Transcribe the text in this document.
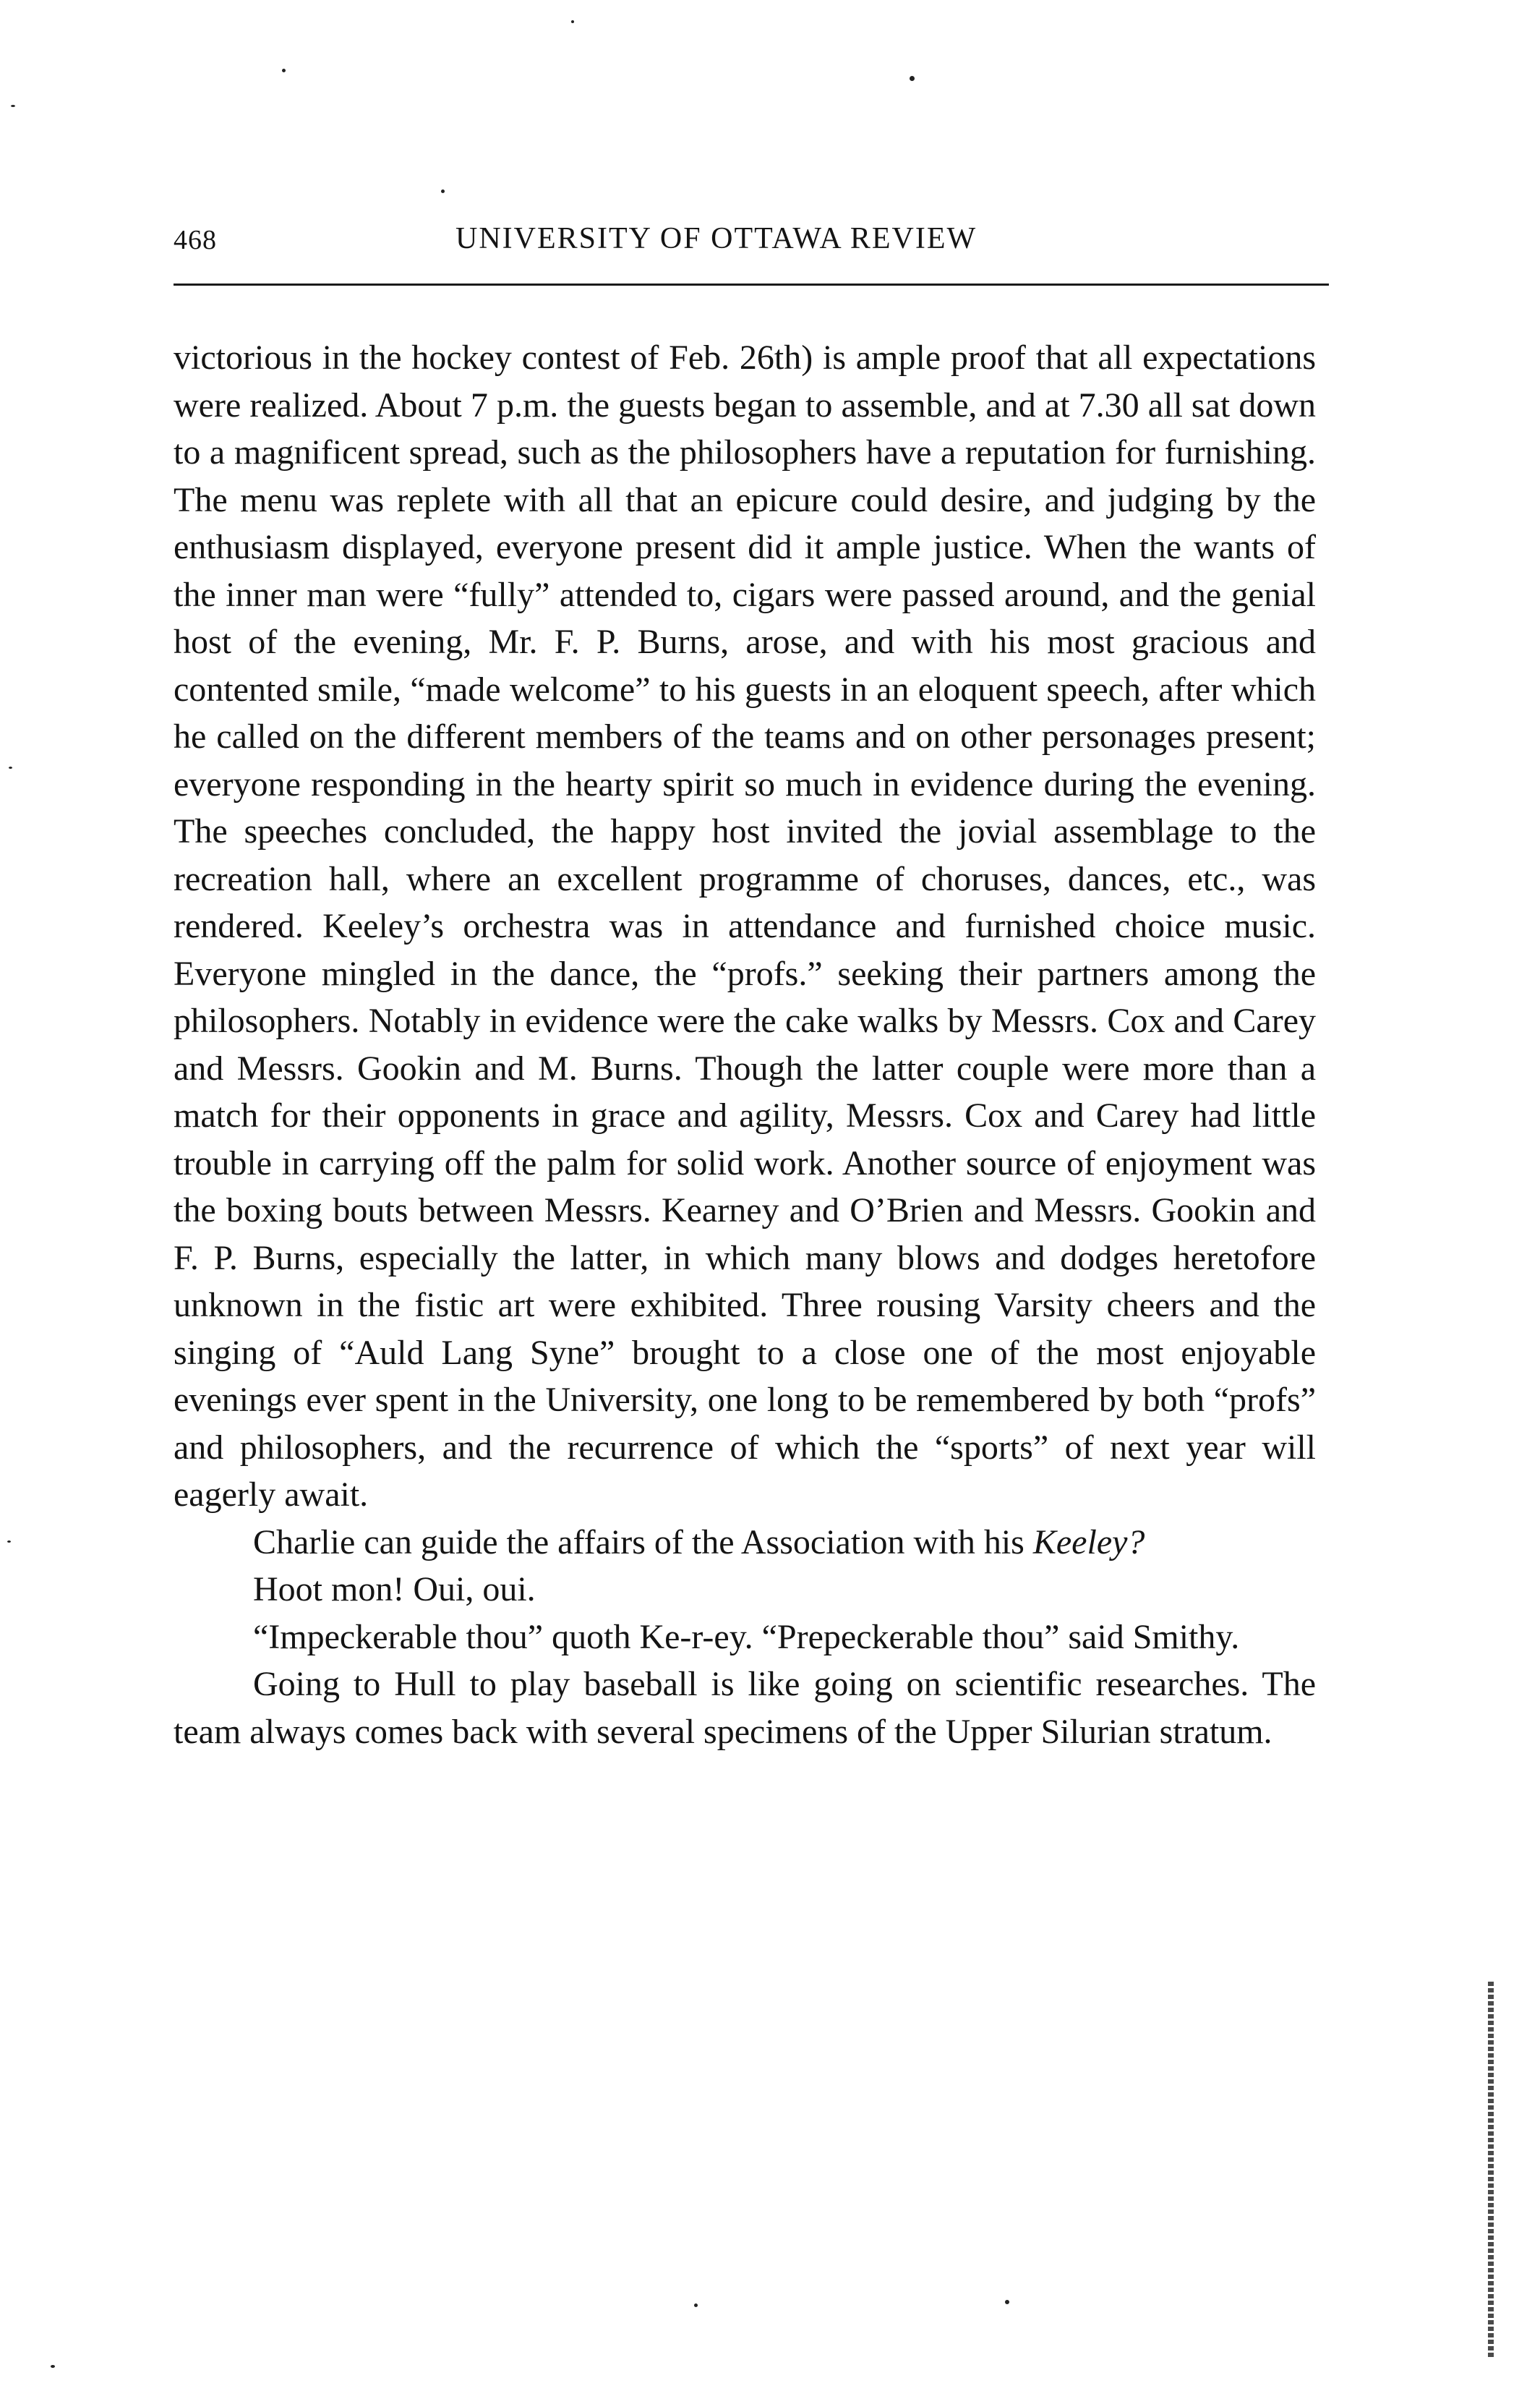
468	UNIVERSITY OF OTTAWA REVIEW

victorious in the hockey contest of Feb. 26th) is ample proof that all expectations were realized. About 7 p.m. the guests began to assemble, and at 7.30 all sat down to a magnificent spread, such as the philosophers have a reputation for furnishing. The menu was replete with all that an epicure could desire, and judging by the enthusiasm displayed, everyone present did it ample justice. When the wants of the inner man were “fully” attended to, cigars were passed around, and the genial host of the evening, Mr. F. P. Burns, arose, and with his most gracious and contented smile, “made welcome” to his guests in an eloquent speech, after which he called on the different members of the teams and on other personages present; everyone responding in the hearty spirit so much in evidence during the evening. The speeches concluded, the happy host invited the jovial assemblage to the recreation hall, where an excellent programme of choruses, dances, etc., was rendered. Keeley’s orchestra was in attendance and furnished choice music. Everyone mingled in the dance, the “profs.” seeking their partners among the philosophers. Notably in evidence were the cake walks by Messrs. Cox and Carey and Messrs. Gookin and M. Burns. Though the latter couple were more than a match for their opponents in grace and agility, Messrs. Cox and Carey had little trouble in carrying off the palm for solid work. Another source of enjoyment was the boxing bouts between Messrs. Kearney and O’Brien and Messrs. Gookin and F. P. Burns, especially the latter, in which many blows and dodges heretofore unknown in the fistic art were exhibited. Three rousing Varsity cheers and the singing of “Auld Lang Syne” brought to a close one of the most enjoyable evenings ever spent in the University, one long to be remembered by both “profs” and philosophers, and the recurrence of which the “sports” of next year will eagerly await.

Charlie can guide the affairs of the Association with his Keeley?

Hoot mon! Oui, oui.

“Impeckerable thou” quoth Ke-r-ey. “Prepeckerable thou” said Smithy.

Going to Hull to play baseball is like going on scientific researches. The team always comes back with several specimens of the Upper Silurian stratum.
